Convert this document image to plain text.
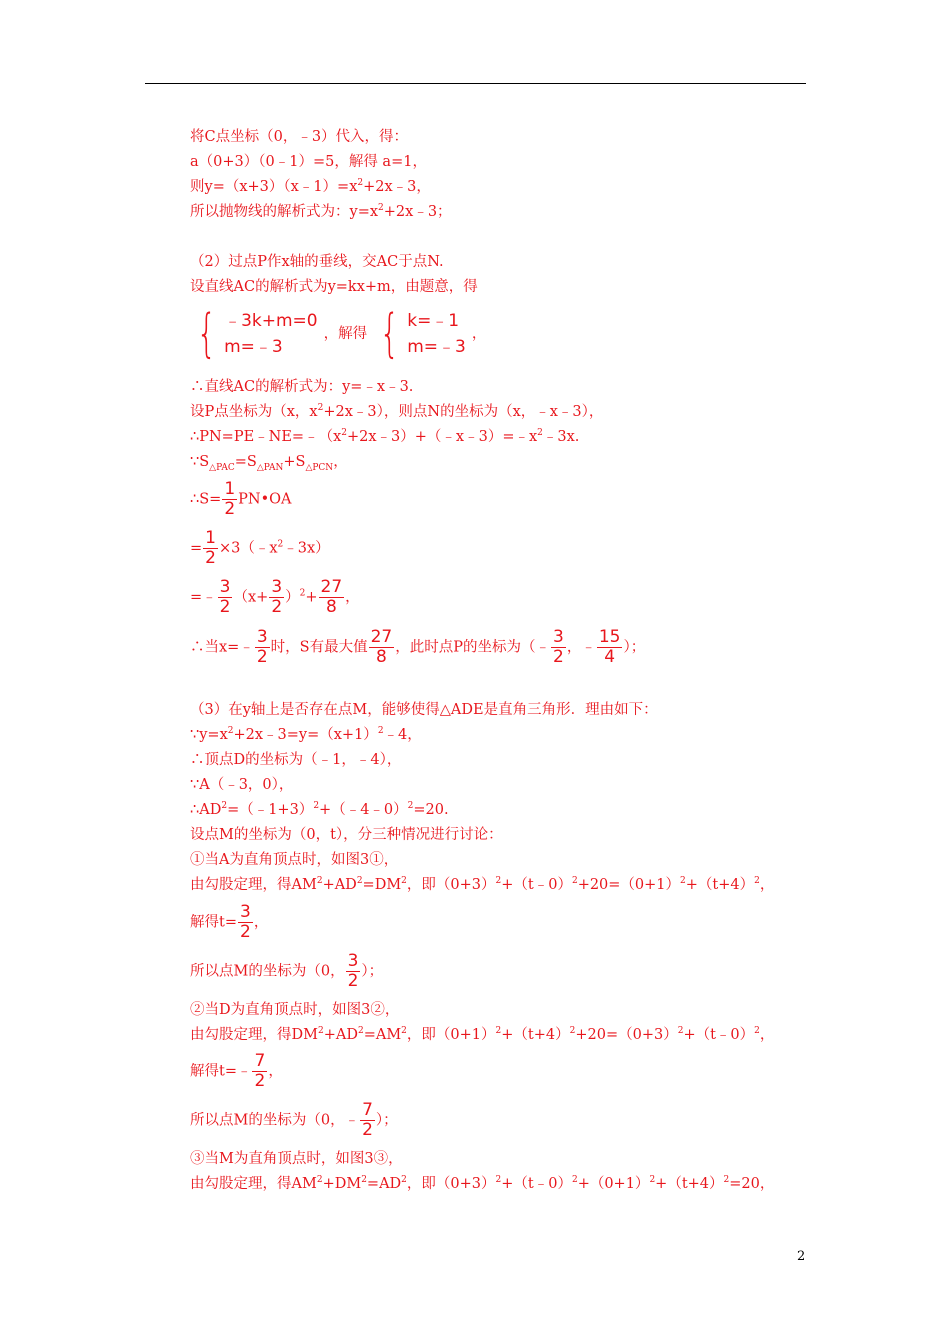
将C点坐标（0，﹣3）代入，得：
a（0+3）（0﹣1）=5，解得 a=1，
则$y=(x+3)(x﹣1)=x^2+2x﹣3$，
所以抛物线的解析式为：$y=x^2+2x﹣3$；
（2）过点P作x轴的垂线，交AC于点N.
设直线AC的解析式为y=kx+m，由题意，得
{ ﹣3k+m=0
m=﹣3
，解得 { k=﹣1
m=﹣3
，
∴直线AC的解析式为：y=﹣x﹣3.
设P点坐标为（x，$x^2+2x﹣3$），则点N的坐标为（x，﹣x﹣3），
$\therefore PN=PE﹣NE=﹣(x^2+2x﹣3)+(﹣x﹣3)=﹣x^2﹣3x$.
$\because S_{\triangle PAC}=S_{\triangle PAN}+S_{\triangle PCN}$，
∴S= $\frac{1}{2}$ PN•OA
= $\frac{1}{2}$ $\times 3(﹣x^2﹣3x)$
=﹣ $\frac{3}{2} (x+ \frac{3}{2} )^2+ \frac{27}{8}$ ，
∴当x=﹣ $\frac{3}{2}$ 时，S有最大值 $\frac{27}{8}$ ，此时点P的坐标为（﹣ $\frac{3}{2}$ ，﹣ $\frac{15}{4}$ ）；
（3）在y轴上是否存在点M，能够使得△ADE是直角三角形．理由如下：
$\because y=x^2+2x﹣3=y=(x+1)^2﹣4$，
∴顶点D的坐标为（﹣1，﹣4），
∵A（﹣3，0），
$\therefore AD^2=(﹣1+3)^2+(﹣4﹣0)^2=20$.
设点M的坐标为（0，t），分三种情况进行讨论：
①当A为直角顶点时，如图3①，
由勾股定理，得$AM^2+AD^2=DM^2$，即$(0+3)^2+(t﹣0)^2+20=(0+1)^2+(t+4)^2$，
解得$t= \frac{3}{2}$ ，
所以点M的坐标为（0， $\frac{3}{2}$ ）；
②当D为直角顶点时，如图3②，
由勾股定理，得$DM^2+AD^2=AM^2$，即$(0+1)^2+(t+4)^2+20=(0+3)^2+(t﹣0)^2$，
解得t=﹣ $\frac{7}{2}$ ，
所以点M的坐标为（0，﹣ $\frac{7}{2}$ ）；
③当M为直角顶点时，如图3③，
由勾股定理，得$AM^2+DM^2=AD^2$，即$(0+3)^2+(t﹣0)^2+(0+1)^2+(t+4)^2=20$，
2
